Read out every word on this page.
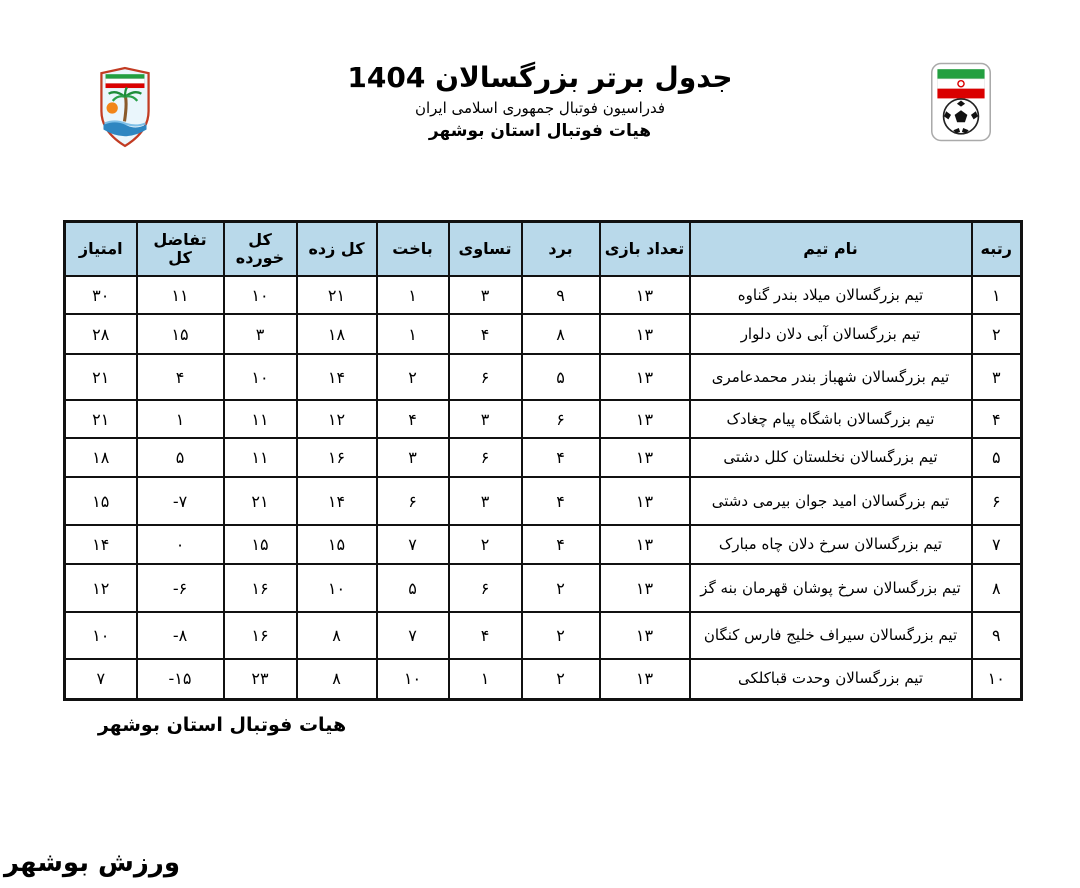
جدول برتر بزرگسالان 1404
فدراسیون فوتبال جمهوری اسلامی ایران
هیات فوتبال استان بوشهر
رتبه	نام تیم	تعداد بازی	برد	تساوی	باخت	کل زده	کل خورده	تفاضل کل	امتیاز
۱	تیم بزرگسالان میلاد بندر گناوه	۱۳	۹	۳	۱	۲۱	۱۰	۱۱	۳۰
۲	تیم بزرگسالان آبی دلان دلوار	۱۳	۸	۴	۱	۱۸	۳	۱۵	۲۸
۳	تیم بزرگسالان شهباز بندر محمدعامری	۱۳	۵	۶	۲	۱۴	۱۰	۴	۲۱
۴	تیم بزرگسالان باشگاه پیام چغادک	۱۳	۶	۳	۴	۱۲	۱۱	۱	۲۱
۵	تیم بزرگسالان نخلستان کلل دشتی	۱۳	۴	۶	۳	۱۶	۱۱	۵	۱۸
۶	تیم بزرگسالان امید جوان بیرمی دشتی	۱۳	۴	۳	۶	۱۴	۲۱	-۷	۱۵
۷	تیم بزرگسالان سرخ دلان چاه مبارک	۱۳	۴	۲	۷	۱۵	۱۵	۰	۱۴
۸	تیم بزرگسالان سرخ پوشان قهرمان بنه گز	۱۳	۲	۶	۵	۱۰	۱۶	-۶	۱۲
۹	تیم بزرگسالان سیراف خلیج فارس کنگان	۱۳	۲	۴	۷	۸	۱۶	-۸	۱۰
۱۰	تیم بزرگسالان وحدت قباکلکی	۱۳	۲	۱	۱۰	۸	۲۳	-۱۵	۷
هیات فوتبال استان بوشهر
ورزش بوشهر
